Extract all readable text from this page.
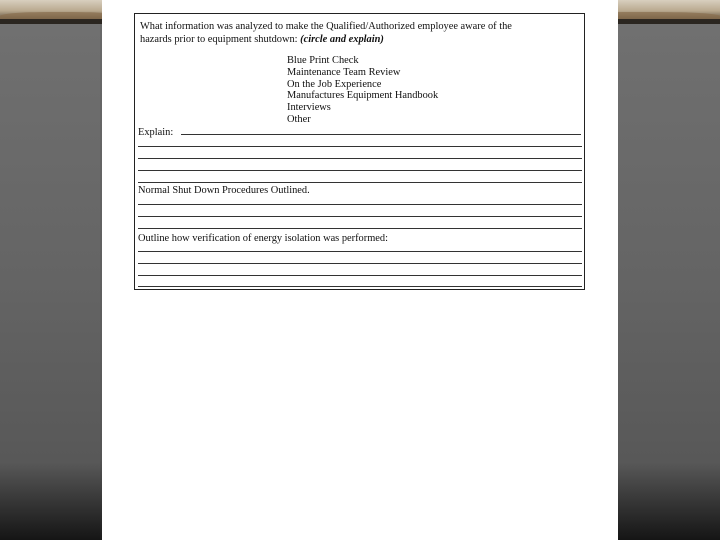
What information was analyzed to make the Qualified/Authorized employee aware of the
hazards prior to equipment shutdown: (circle and explain)
Blue Print Check
Maintenance Team Review
On the Job Experience
Manufactures Equipment Handbook
Interviews
Other
Explain:
Normal Shut Down Procedures Outlined.
Outline how verification of energy isolation was performed:
